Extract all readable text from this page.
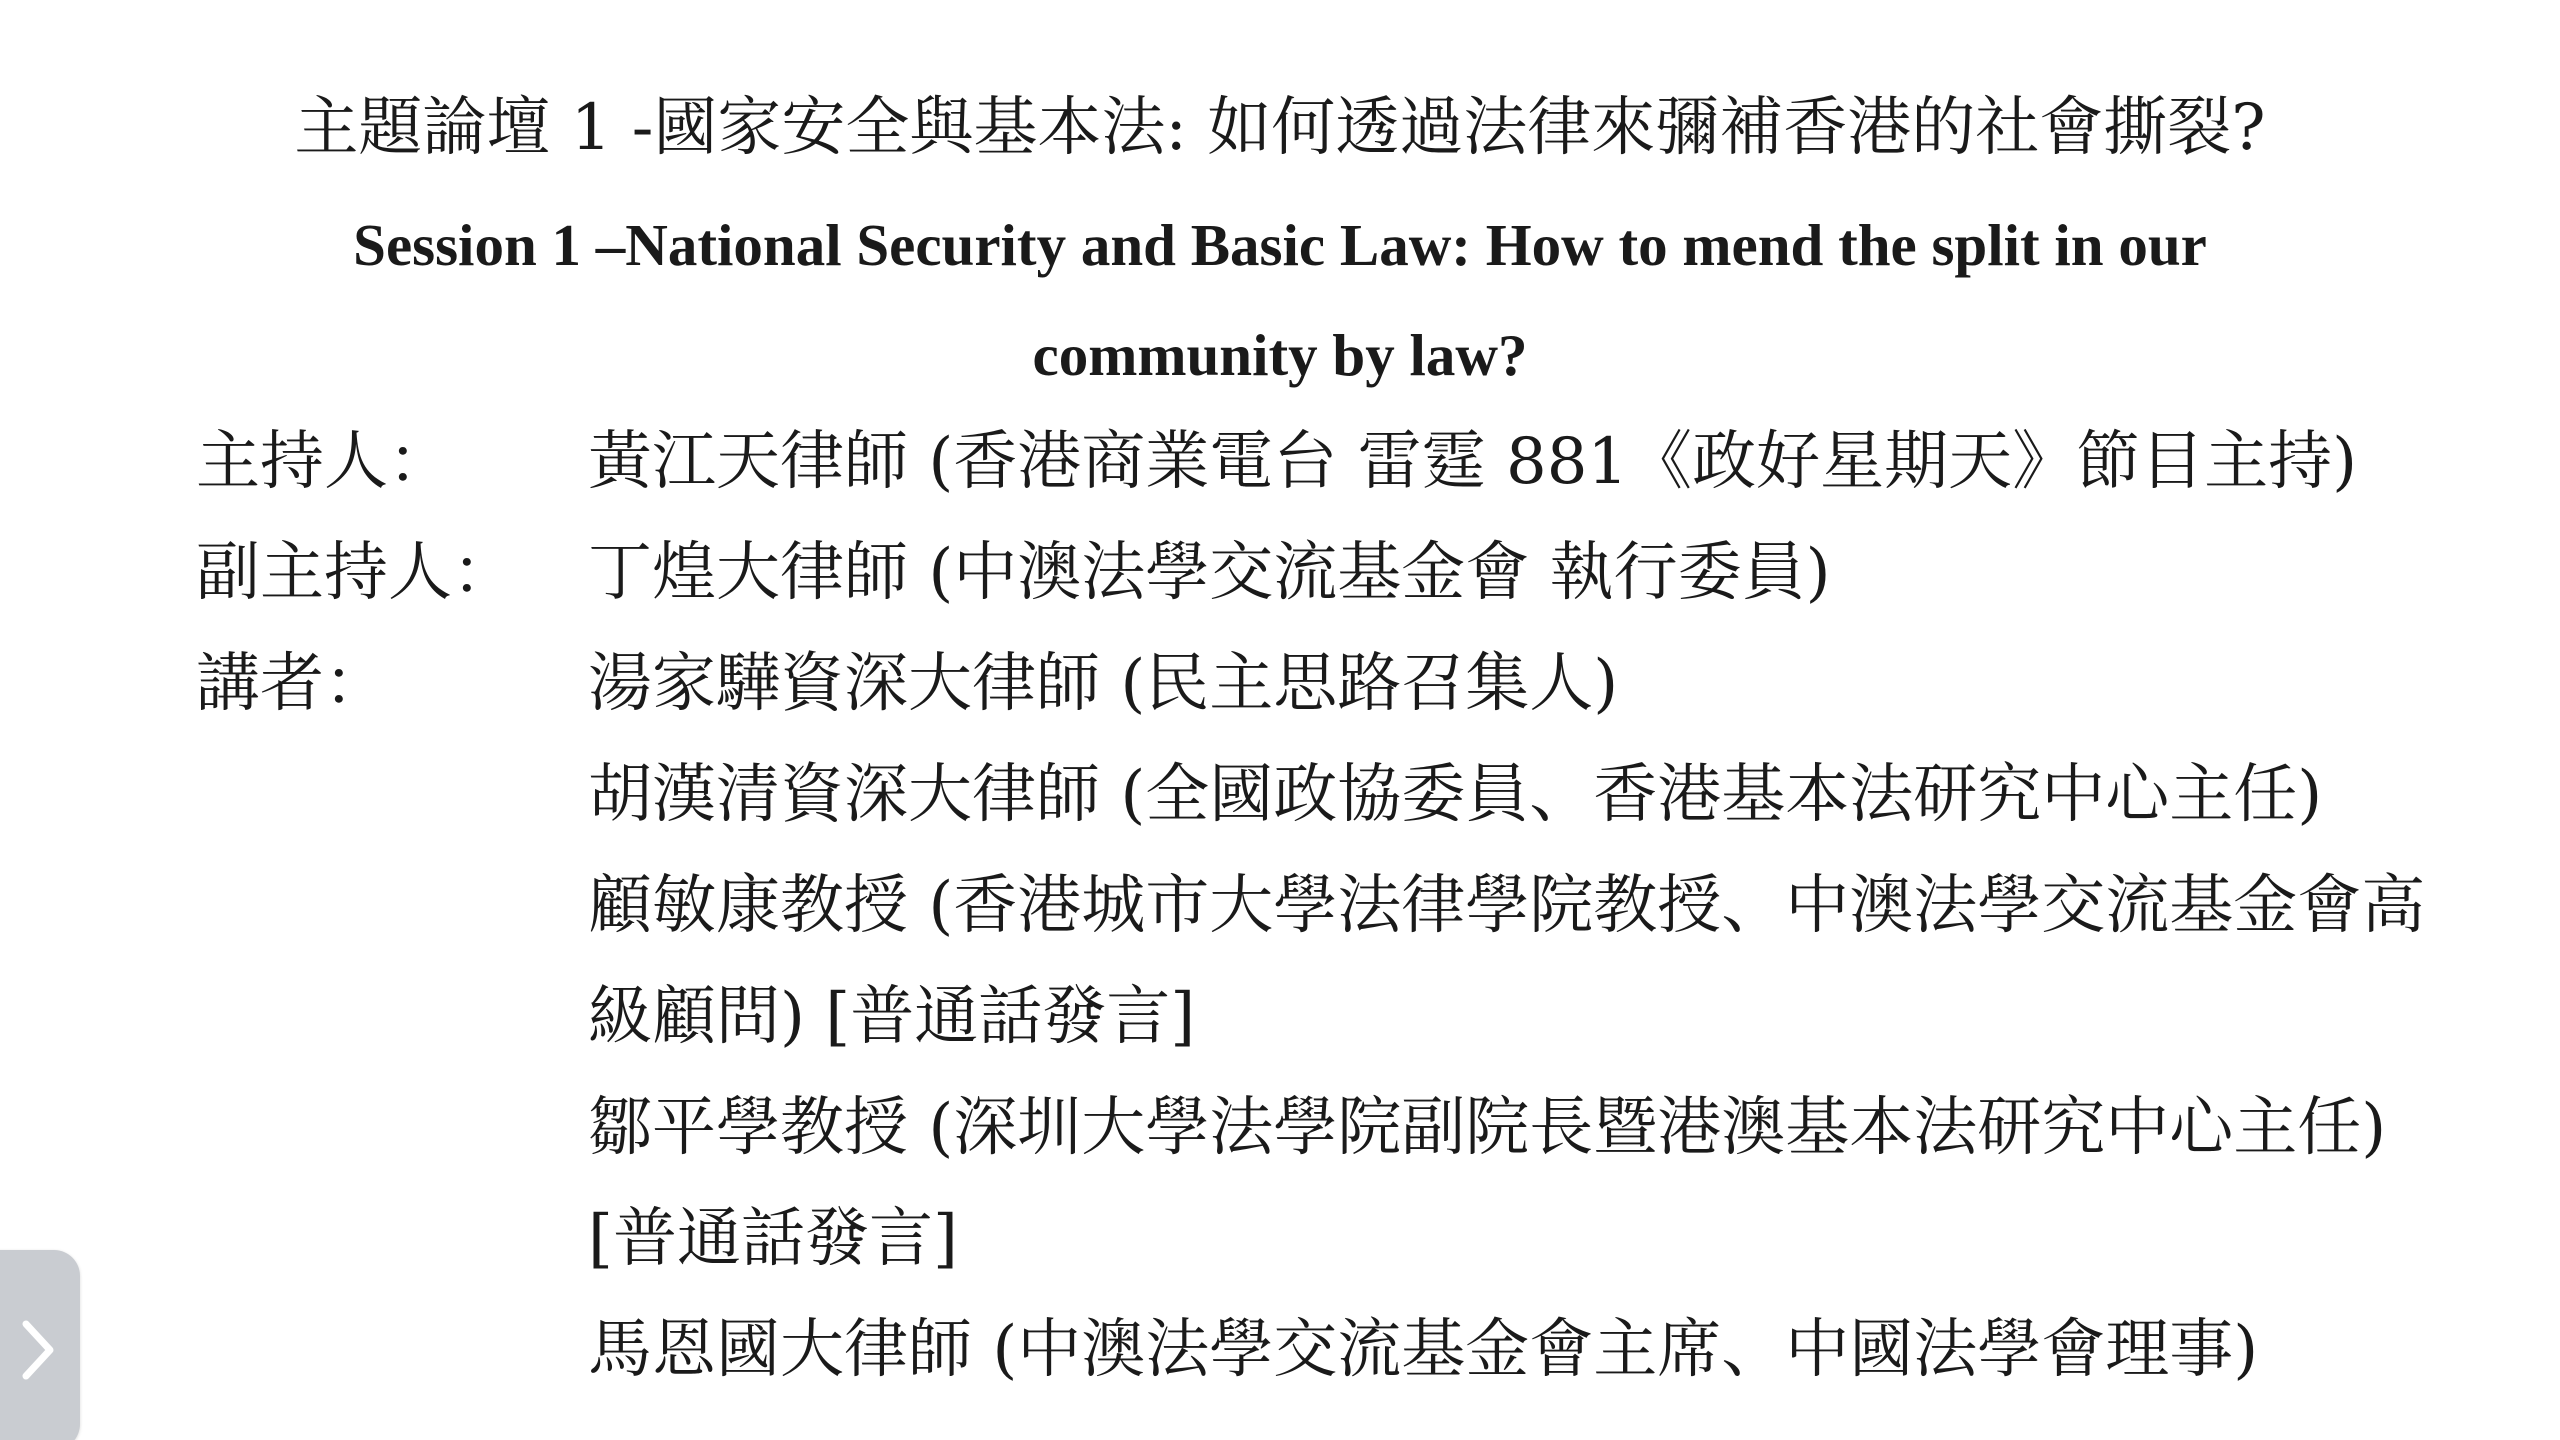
主題論壇 1 -國家安全與基本法: 如何透過法律來彌補香港的社會撕裂?
Session 1 –National Security and Basic Law: How to mend the split in our
community by law?
主持人： 黃江天律師 (香港商業電台 雷霆 881《政好星期天》節目主持)
副主持人： 丁煌大律師 (中澳法學交流基金會 執行委員)
講者：	湯家驊資深大律師 (民主思路召集人)
胡漢清資深大律師 (全國政協委員、香港基本法研究中心主任)
顧敏康教授 (香港城市大學法律學院教授、中澳法學交流基金會高
級顧問) [普通話發言]
鄒平學教授 (深圳大學法學院副院長暨港澳基本法研究中心主任)
[普通話發言]
馬恩國大律師 (中澳法學交流基金會主席、中國法學會理事)
